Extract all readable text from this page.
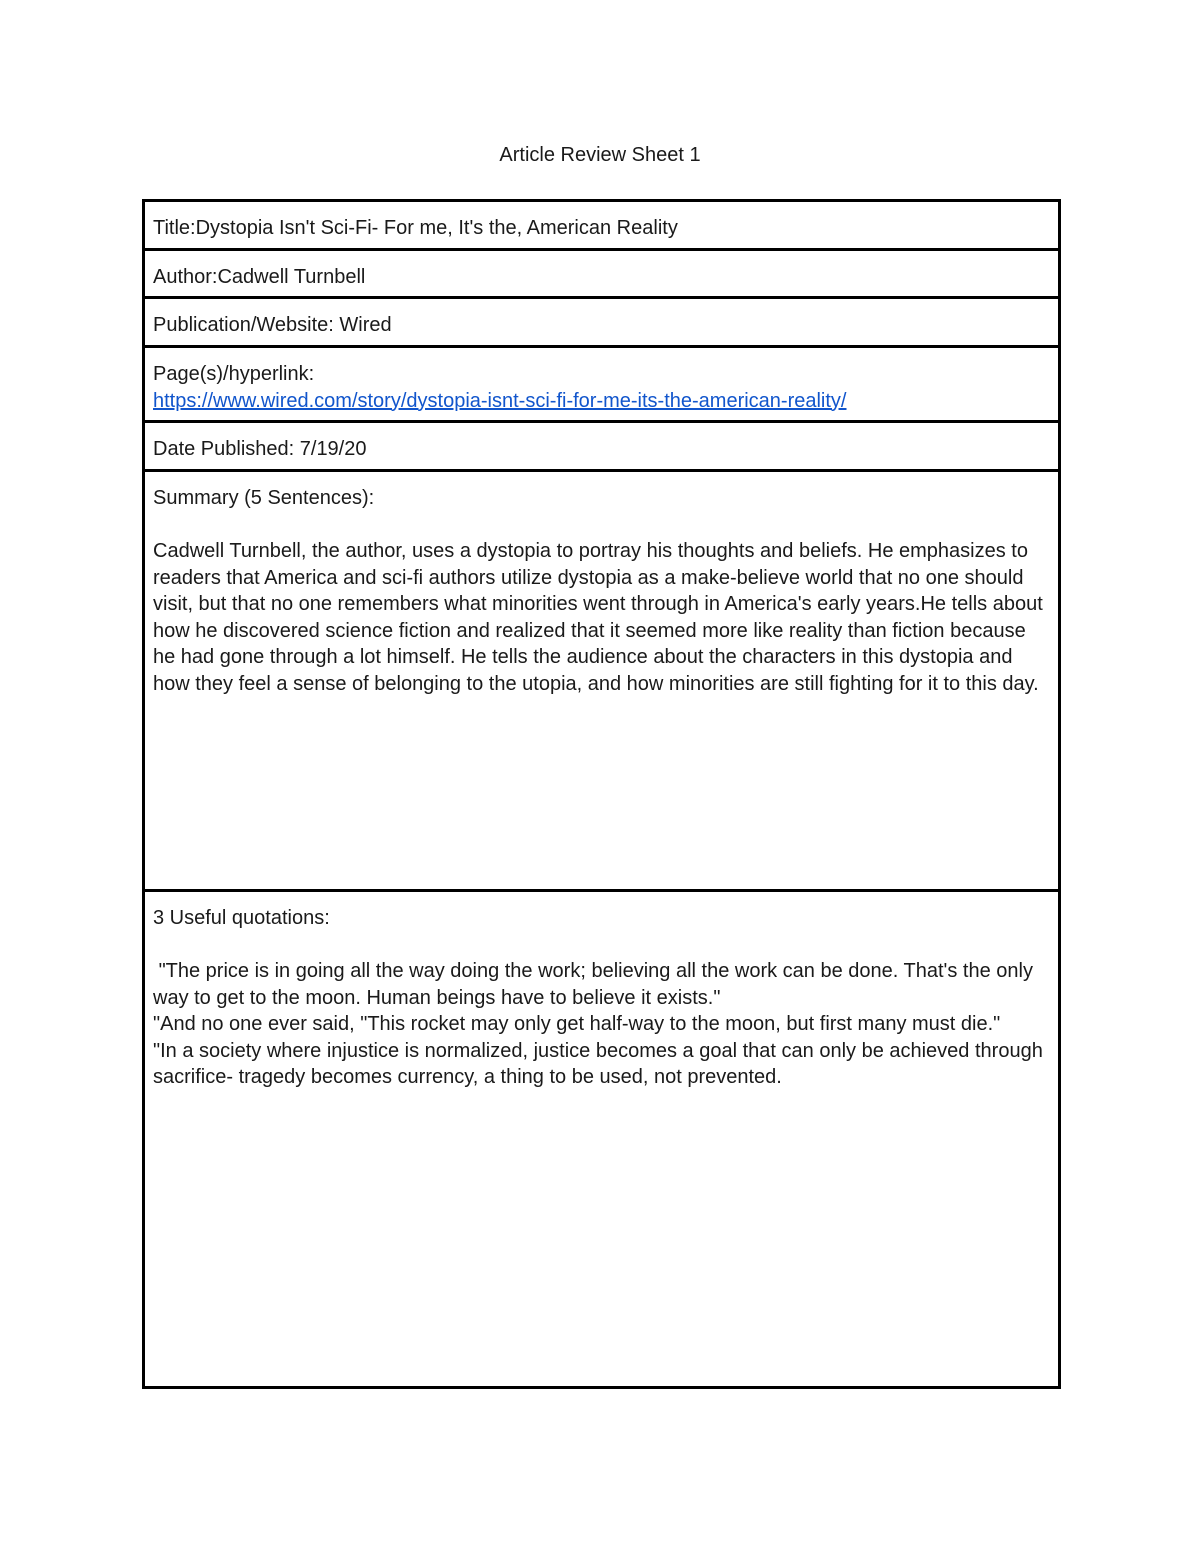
Article Review Sheet 1
Title:Dystopia Isn't Sci-Fi- For me, It's the, American Reality
Author:Cadwell Turnbell
Publication/Website: Wired

Page(s)/hyperlink:

https://www.wired.com/story/dystopia-isnt-sci-fi-for-me-its-the-american-reality/

Date Published: 7/19/20

Summary (5 Sentences):

Cadwell Turnbell, the author, uses a dystopia to portray his thoughts and beliefs. He emphasizes to readers that America and sci-fi authors utilize dystopia as a make-believe world that no one should visit, but that no one remembers what minorities went through in America's early years.He tells about how he discovered science fiction and realized that it seemed more like reality than fiction because he had gone through a lot himself. He tells the audience about the characters in this dystopia and how they feel a sense of belonging to the utopia, and how minorities are still fighting for it to this day.

3 Useful quotations:

"The price is in going all the way doing the work; believing all the work can be done. That's the only way to get to the moon. Human beings have to believe it exists."

"And no one ever said, "This rocket may only get half-way to the moon, but first many must die."

"In a society where injustice is normalized, justice becomes a goal that can only be achieved through sacrifice- tragedy becomes currency, a thing to be used, not prevented.
